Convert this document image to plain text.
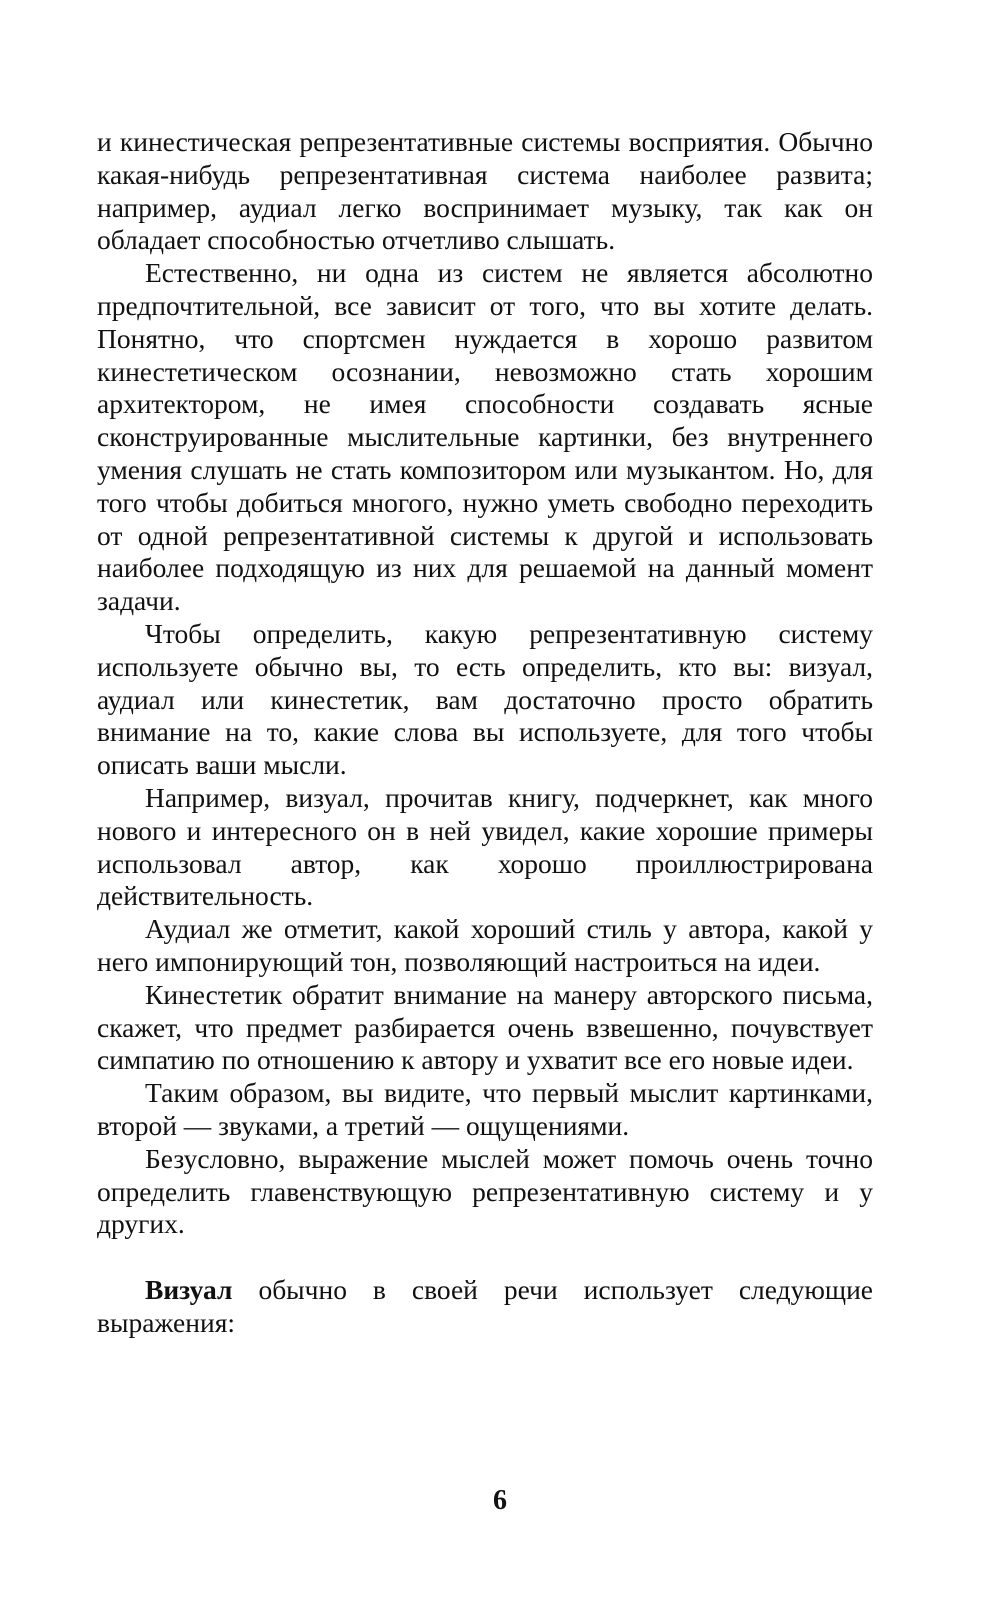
и кинестическая репрезентативные системы восприятия. Обычно какая-нибудь репрезентативная система наиболее развита; например, аудиал легко воспринимает музыку, так как он обладает способностью отчетливо слышать.

Естественно, ни одна из систем не является абсолютно предпочтительной, все зависит от того, что вы хотите делать. Понятно, что спортсмен нуждается в хорошо развитом кинестетическом осознании, невозможно стать хорошим архитектором, не имея способности создавать ясные сконструированные мыслительные картинки, без внутреннего умения слушать не стать композитором или музыкантом. Но, для того чтобы добиться многого, нужно уметь свободно переходить от одной репрезентативной системы к другой и использовать наиболее подходящую из них для решаемой на данный момент задачи.

Чтобы определить, какую репрезентативную систему используете обычно вы, то есть определить, кто вы: визуал, аудиал или кинестетик, вам достаточно просто обратить внимание на то, какие слова вы используете, для того чтобы описать ваши мысли.

Например, визуал, прочитав книгу, подчеркнет, как много нового и интересного он в ней увидел, какие хорошие примеры использовал автор, как хорошо проиллюстрирована действительность.

Аудиал же отметит, какой хороший стиль у автора, какой у него импонирующий тон, позволяющий настроиться на идеи.

Кинестетик обратит внимание на манеру авторского письма, скажет, что предмет разбирается очень взвешенно, почувствует симпатию по отношению к автору и ухватит все его новые идеи.

Таким образом, вы видите, что первый мыслит картинками, второй — звуками, а третий — ощущениями.

Безусловно, выражение мыслей может помочь очень точно определить главенствующую репрезентативную систему и у других.

Визуал обычно в своей речи использует следующие выражения:

6
